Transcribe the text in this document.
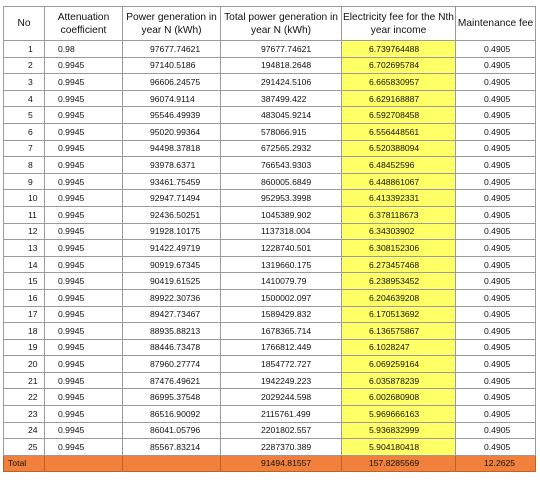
No	Attenuation coefficient	Power generation in year N (kWh)	Total power generation in year N (kWh)	Electricity fee for the Nth year income	Maintenance fee
1	0.98	97677.74621	97677.74621	6.739764488	0.4905
2	0.9945	97140.5186	194818.2648	6.702695784	0.4905
3	0.9945	96606.24575	291424.5106	6.665830957	0.4905
4	0.9945	96074.9114	387499.422	6.629168887	0.4905
5	0.9945	95546.49939	483045.9214	6.592708458	0.4905
6	0.9945	95020.99364	578066.915	6.556448561	0.4905
7	0.9945	94498.37818	672565.2932	6.520388094	0.4905
8	0.9945	93978.6371	766543.9303	6.48452596	0.4905
9	0.9945	93461.75459	860005.6849	6.448861067	0.4905
10	0.9945	92947.71494	952953.3998	6.413392331	0.4905
11	0.9945	92436.50251	1045389.902	6.378118673	0.4905
12	0.9945	91928.10175	1137318.004	6.34303902	0.4905
13	0.9945	91422.49719	1228740.501	6.308152306	0.4905
14	0.9945	90919.67345	1319660.175	6.273457468	0.4905
15	0.9945	90419.61525	1410079.79	6.238953452	0.4905
16	0.9945	89922.30736	1500002.097	6.204639208	0.4905
17	0.9945	89427.73467	1589429.832	6.170513692	0.4905
18	0.9945	88935.88213	1678365.714	6.136575867	0.4905
19	0.9945	88446.73478	1766812.449	6.1028247	0.4905
20	0.9945	87960.27774	1854772.727	6.069259164	0.4905
21	0.9945	87476.49621	1942249.223	6.035878239	0.4905
22	0.9945	86995.37548	2029244.598	6.002680908	0.4905
23	0.9945	86516.90092	2115761.499	5.969666163	0.4905
24	0.9945	86041.05796	2201802.557	5.936832999	0.4905
25	0.9945	85567.83214	2287370.389	5.904180418	0.4905
Total			91494.81557	157.8285569	12.2625
